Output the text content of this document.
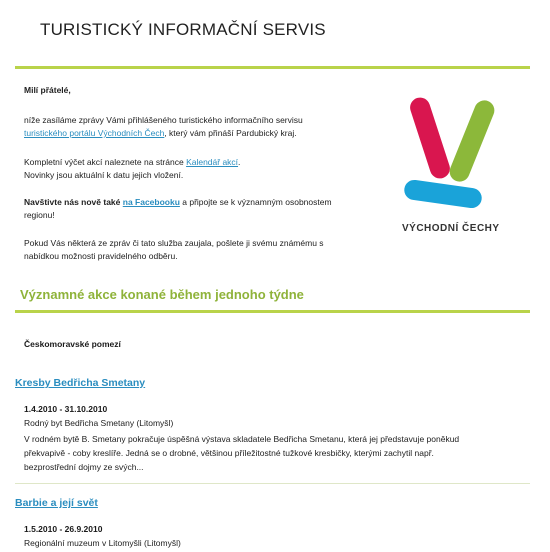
TURISTICKÝ INFORMAČNÍ SERVIS
Milí přátelé,
níže zasíláme zprávy Vámi přihlášeného turistického informačního servisu
turistického portálu Východních Čech, který vám přináší Pardubický kraj.
Kompletní výčet akcí naleznete na stránce Kalendář akcí.
Novinky jsou aktuální k datu jejich vložení.
Navštivte nás nově také na Facebooku a připojte se k významným osobnostem
regionu!
Pokud Vás některá ze zpráv či tato služba zaujala, pošlete ji svému známému s
nabídkou možnosti pravidelného odběru.
VÝCHODNÍ ČECHY
Významné akce konané během jednoho týdne
Českomoravské pomezí
Kresby Bedřicha Smetany
1.4.2010 - 31.10.2010
Rodný byt Bedřicha Smetany (Litomyšl)
V rodném bytě B. Smetany pokračuje úspěšná výstava skladatele Bedřicha Smetanu, která jej představuje poněkud
překvapivě - coby kreslíře. Jedná se o drobné, většinou příležitostné tužkové kresbičky, kterými zachytil např.
bezprostřední dojmy ze svých...
Barbie a její svět
1.5.2010 - 26.9.2010
Regionální muzeum v Litomyšli (Litomyšl)
